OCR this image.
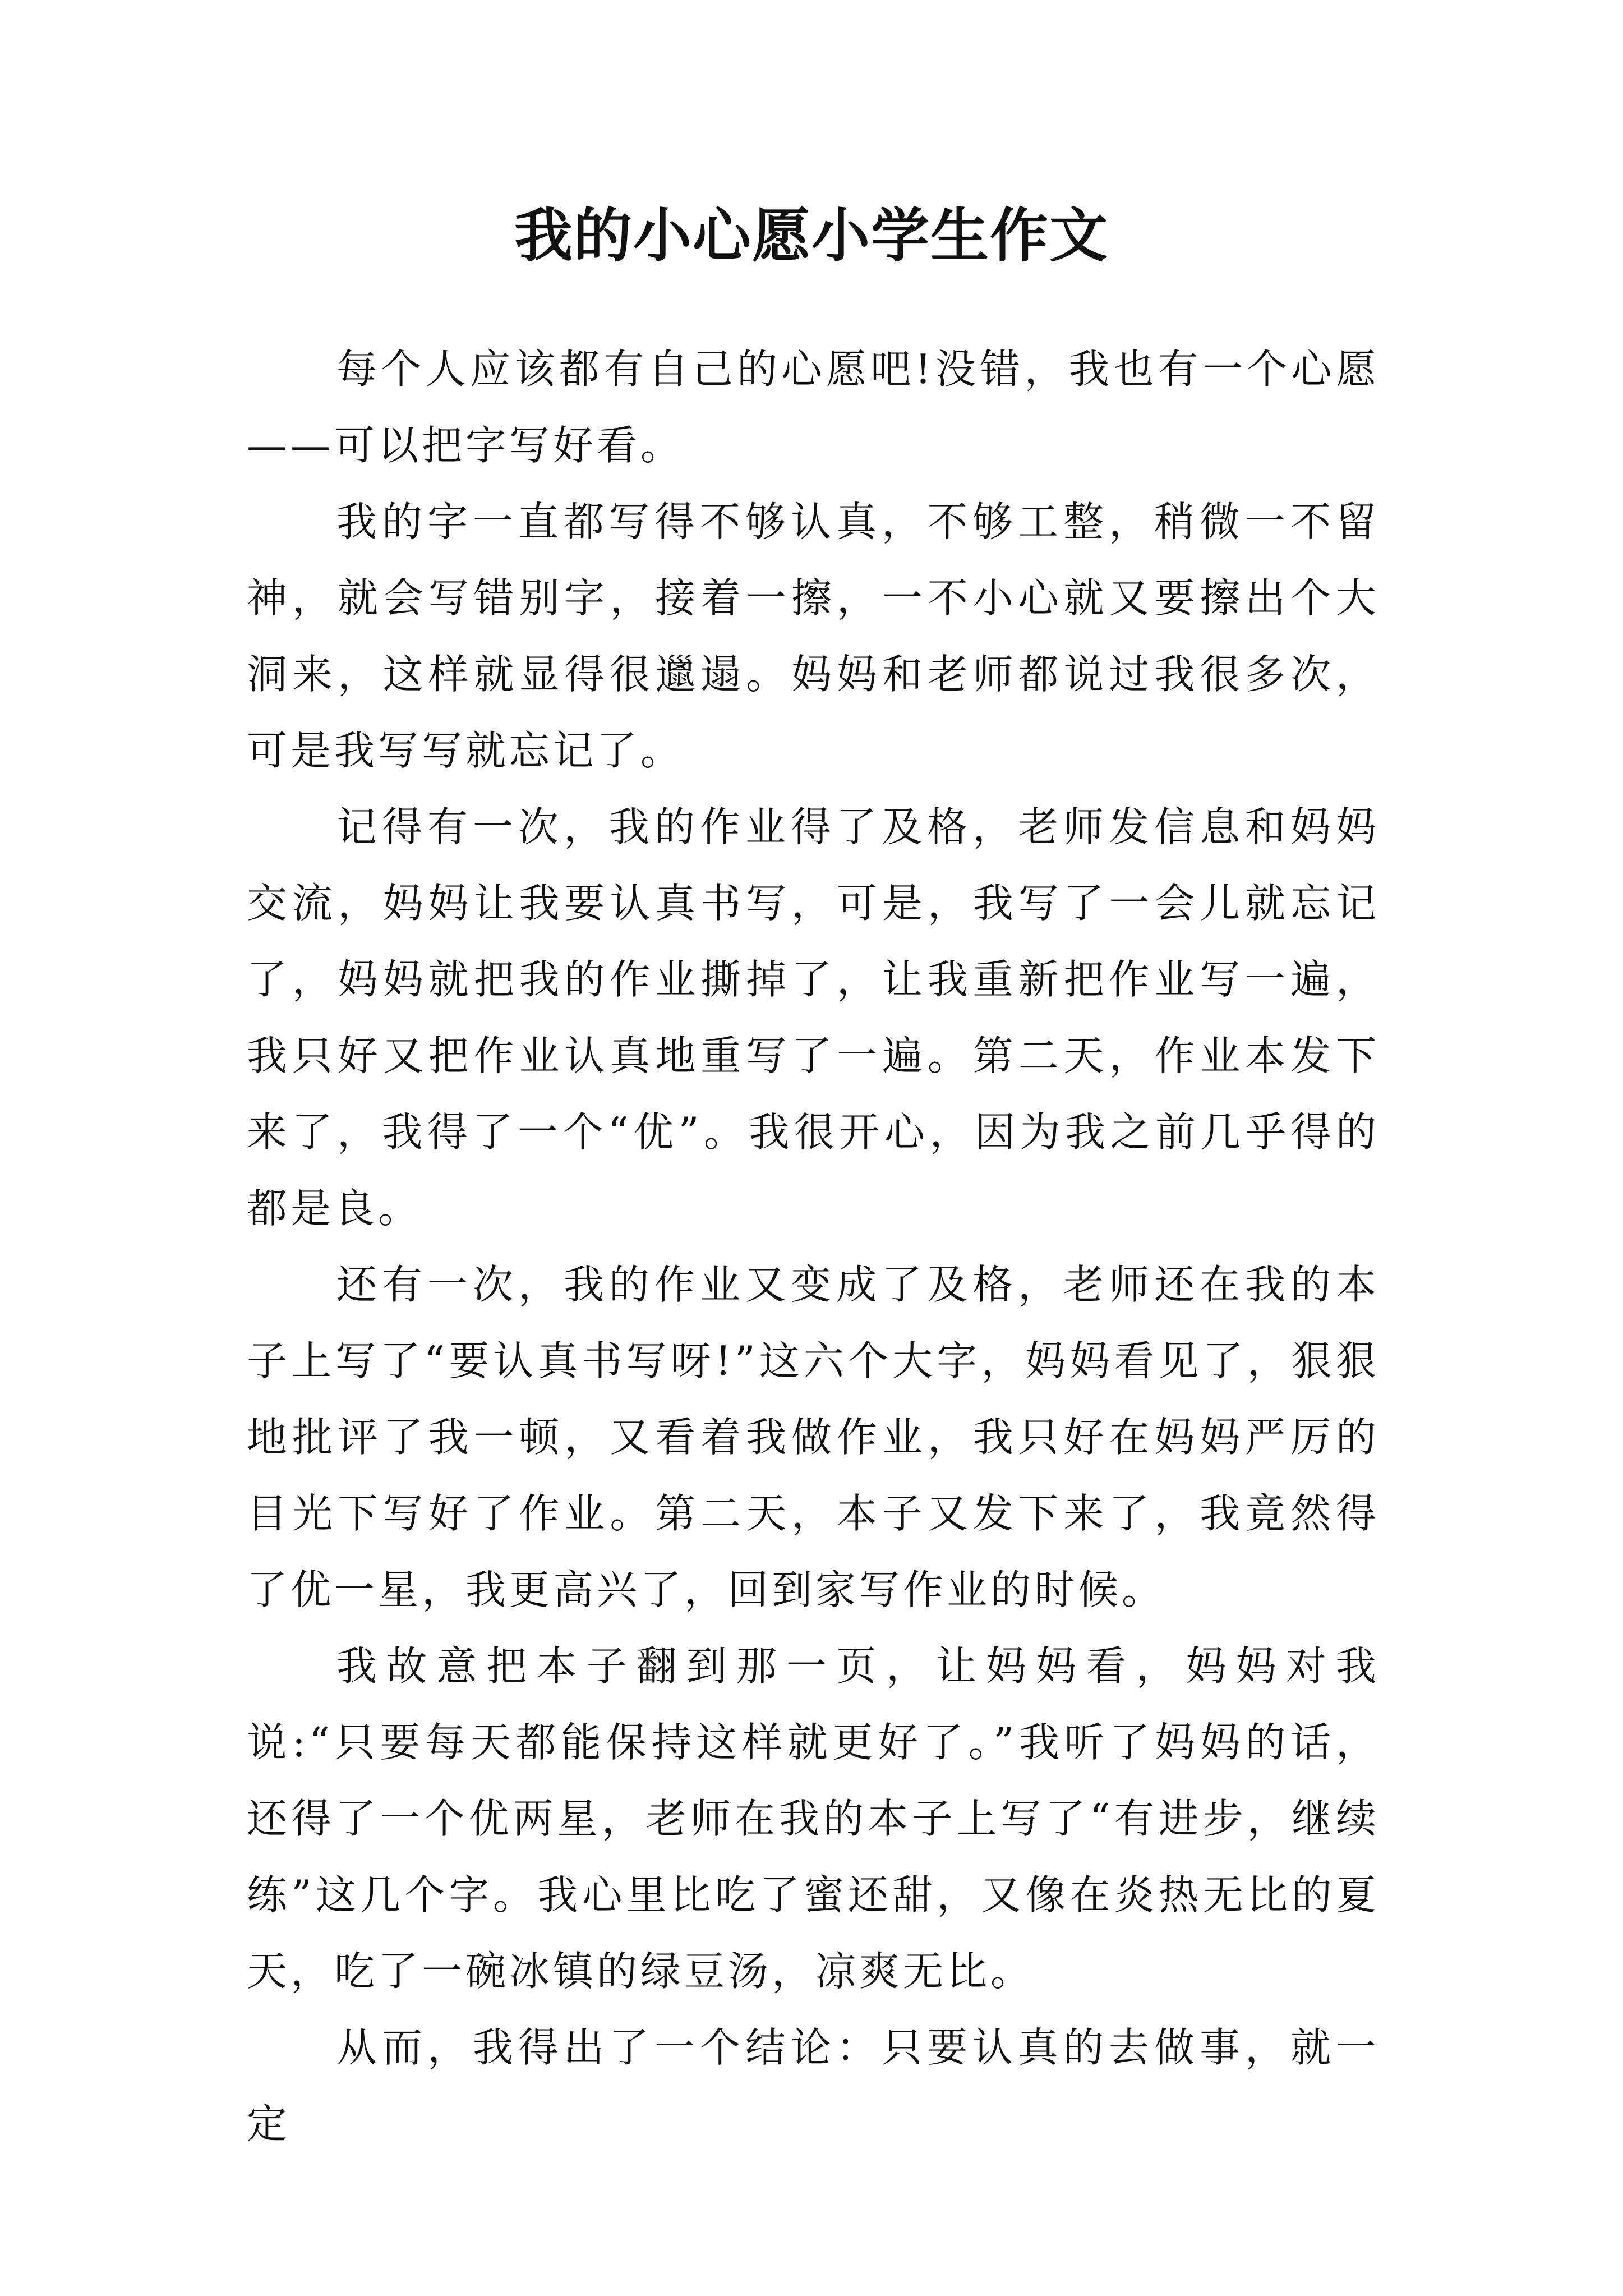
我的小心愿小学生作文

每个人应该都有自己的心愿吧!没错，我也有一个心愿——可以把字写好看。

我的字一直都写得不够认真，不够工整，稍微一不留神，就会写错别字，接着一擦，一不小心就又要擦出个大洞来，这样就显得很邋遢。妈妈和老师都说过我很多次，可是我写写就忘记了。

记得有一次，我的作业得了及格，老师发信息和妈妈交流，妈妈让我要认真书写，可是，我写了一会儿就忘记了，妈妈就把我的作业撕掉了，让我重新把作业写一遍，我只好又把作业认真地重写了一遍。第二天，作业本发下来了，我得了一个“优”。我很开心，因为我之前几乎得的都是良。

还有一次，我的作业又变成了及格，老师还在我的本子上写了“要认真书写呀!”这六个大字，妈妈看见了，狠狠地批评了我一顿，又看着我做作业，我只好在妈妈严厉的目光下写好了作业。第二天，本子又发下来了，我竟然得了优一星，我更高兴了，回到家写作业的时候。

我故意把本子翻到那一页，让妈妈看，妈妈对我说:“只要每天都能保持这样就更好了。”我听了妈妈的话，还得了一个优两星，老师在我的本子上写了“有进步，继续练”这几个字。我心里比吃了蜜还甜，又像在炎热无比的夏天，吃了一碗冰镇的绿豆汤，凉爽无比。

从而，我得出了一个结论：只要认真的去做事，就一定
